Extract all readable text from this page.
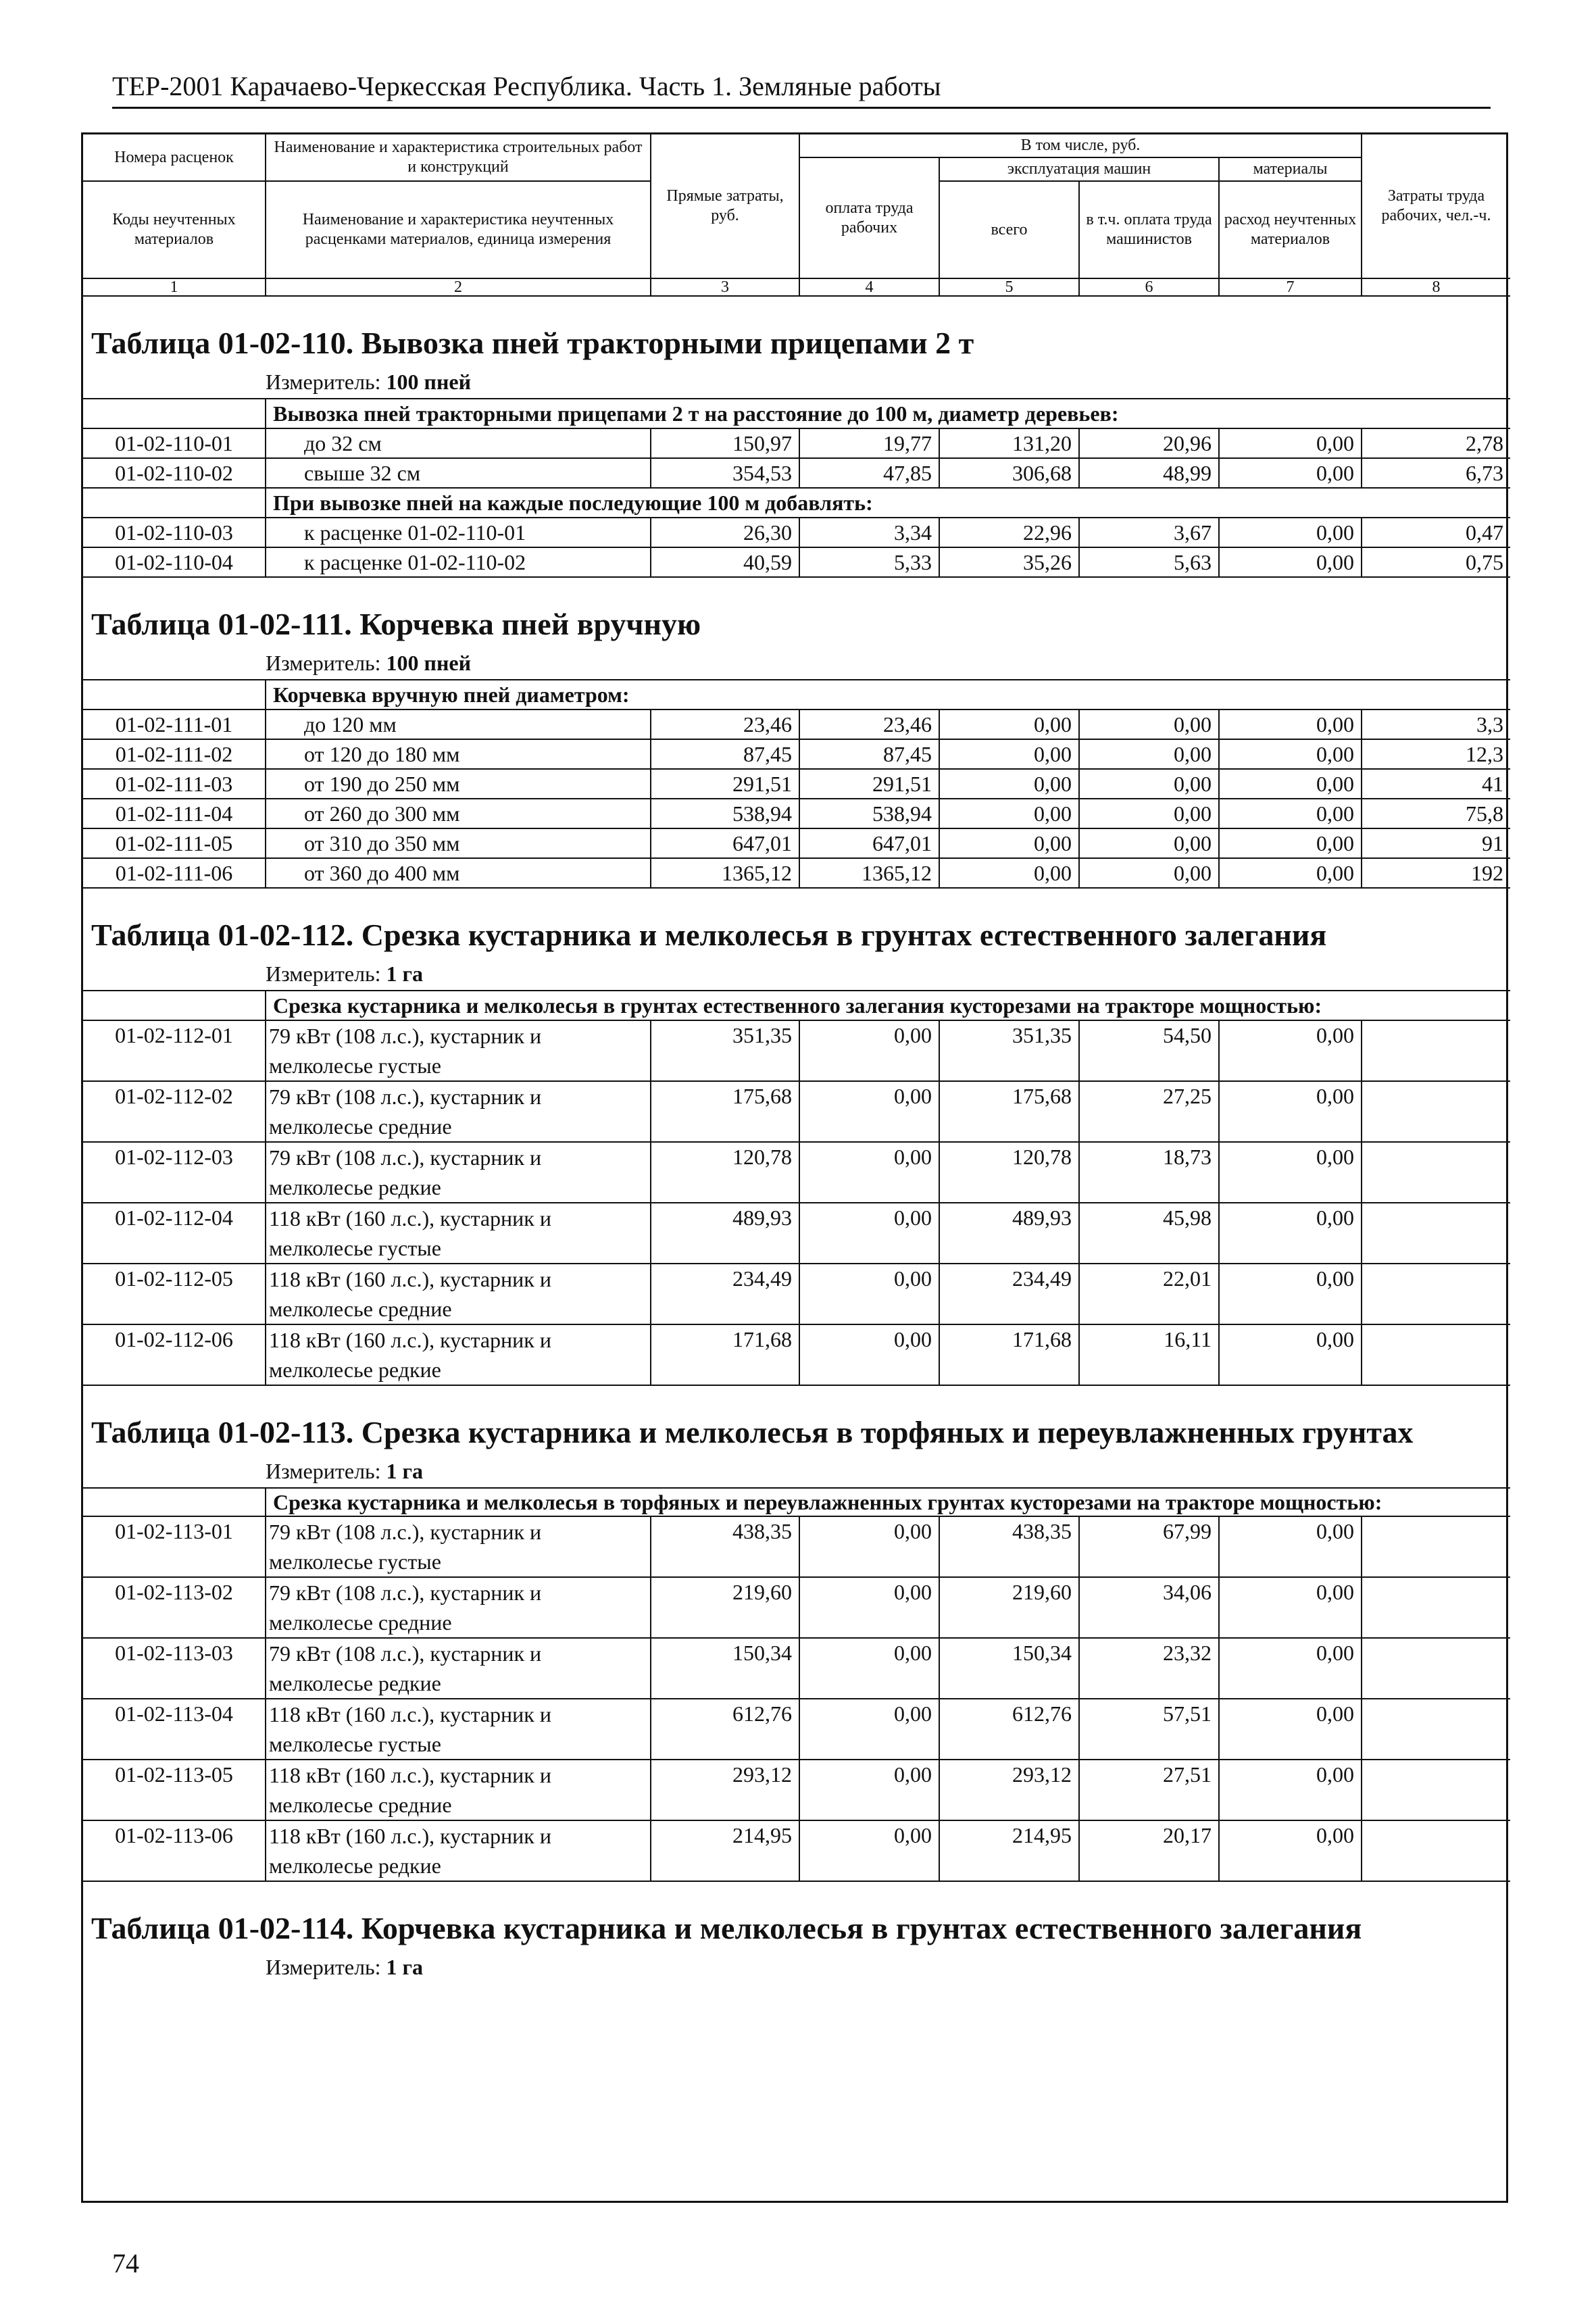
ТЕР-2001 Карачаево-Черкесская Республика. Часть 1. Земляные работы
Номера расценок	Наименование и характеристика строительных работ и конструкций	Прямые затраты, руб.	В том числе, руб.				Затраты труда рабочих, чел.-ч.
			оплата труда рабочих	эксплуатация машин		материалы	
Коды неучтенных материалов	Наименование и характеристика неучтенных расценками материалов, единица измерения			всего	в т.ч. оплата труда машинистов	расход неучтенных материалов	

1	2	3	4	5	6	7	8
Таблица 01-02-110. Вывозка пней тракторными прицепами 2 т							
Измеритель: 100 пней							
	Вывозка пней тракторными прицепами 2 т на расстояние до 100 м, диаметр деревьев:						
01-02-110-01	до 32 см	150,97	19,77	131,20	20,96	0,00	2,78
01-02-110-02	свыше 32 см	354,53	47,85	306,68	48,99	0,00	6,73
	При вывозке пней на каждые последующие 100 м добавлять:						
01-02-110-03	к расценке 01-02-110-01	26,30	3,34	22,96	3,67	0,00	0,47
01-02-110-04	к расценке 01-02-110-02	40,59	5,33	35,26	5,63	0,00	0,75
Таблица 01-02-111. Корчевка пней вручную							
Измеритель: 100 пней							
	Корчевка вручную пней диаметром:						
01-02-111-01	до 120 мм	23,46	23,46	0,00	0,00	0,00	3,3
01-02-111-02	от 120 до 180 мм	87,45	87,45	0,00	0,00	0,00	12,3
01-02-111-03	от 190 до 250 мм	291,51	291,51	0,00	0,00	0,00	41
01-02-111-04	от 260 до 300 мм	538,94	538,94	0,00	0,00	0,00	75,8
01-02-111-05	от 310 до 350 мм	647,01	647,01	0,00	0,00	0,00	91
01-02-111-06	от 360 до 400 мм	1365,12	1365,12	0,00	0,00	0,00	192
Таблица 01-02-112. Срезка кустарника и мелколесья в грунтах естественного залегания							
Измеритель: 1 га							
	Срезка кустарника и мелколесья в грунтах естественного залегания кусторезами на тракторе мощностью:						
01-02-112-01	79 кВт (108 л.с.), кустарник и мелколесье густые	351,35	0,00	351,35	54,50	0,00	
01-02-112-02	79 кВт (108 л.с.), кустарник и мелколесье средние	175,68	0,00	175,68	27,25	0,00	
01-02-112-03	79 кВт (108 л.с.), кустарник и мелколесье редкие	120,78	0,00	120,78	18,73	0,00	
01-02-112-04	118 кВт (160 л.с.), кустарник и мелколесье густые	489,93	0,00	489,93	45,98	0,00	
01-02-112-05	118 кВт (160 л.с.), кустарник и мелколесье средние	234,49	0,00	234,49	22,01	0,00	
01-02-112-06	118 кВт (160 л.с.), кустарник и мелколесье редкие	171,68	0,00	171,68	16,11	0,00	
Таблица 01-02-113. Срезка кустарника и мелколесья в торфяных и переувлажненных грунтах							
Измеритель: 1 га							
	Срезка кустарника и мелколесья в торфяных и переувлажненных грунтах кусторезами на тракторе мощностью:						
01-02-113-01	79 кВт (108 л.с.), кустарник и мелколесье густые	438,35	0,00	438,35	67,99	0,00	
01-02-113-02	79 кВт (108 л.с.), кустарник и мелколесье средние	219,60	0,00	219,60	34,06	0,00	
01-02-113-03	79 кВт (108 л.с.), кустарник и мелколесье редкие	150,34	0,00	150,34	23,32	0,00	
01-02-113-04	118 кВт (160 л.с.), кустарник и мелколесье густые	612,76	0,00	612,76	57,51	0,00	
01-02-113-05	118 кВт (160 л.с.), кустарник и мелколесье средние	293,12	0,00	293,12	27,51	0,00	
01-02-113-06	118 кВт (160 л.с.), кустарник и мелколесье редкие	214,95	0,00	214,95	20,17	0,00	
Таблица 01-02-114. Корчевка кустарника и мелколесья в грунтах естественного залегания							
Измеритель: 1 га							
74
